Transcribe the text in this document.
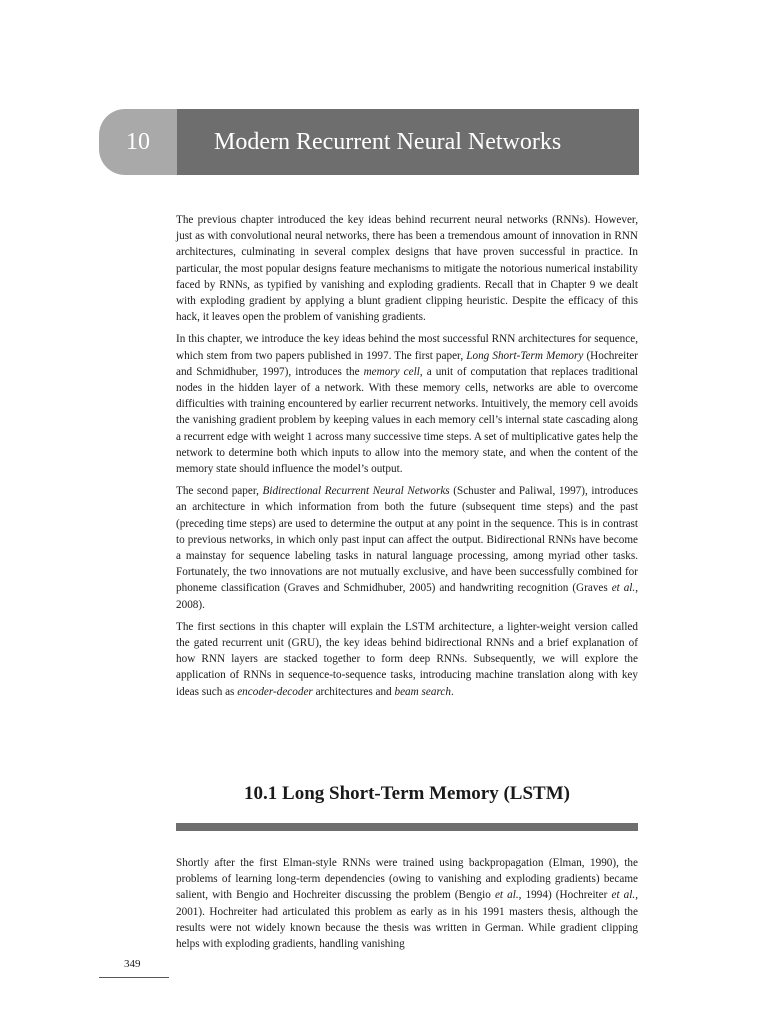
10	Modern Recurrent Neural Networks

The previous chapter introduced the key ideas behind recurrent neural networks (RNNs). However, just as with convolutional neural networks, there has been a tremendous amount of innovation in RNN architectures, culminating in several complex designs that have proven successful in practice. In particular, the most popular designs feature mechanisms to mitigate the notorious numerical instability faced by RNNs, as typified by vanishing and exploding gradients. Recall that in Chapter 9 we dealt with exploding gradient by applying a blunt gradient clipping heuristic. Despite the efficacy of this hack, it leaves open the problem of vanishing gradients.

In this chapter, we introduce the key ideas behind the most successful RNN architectures for sequence, which stem from two papers published in 1997. The first paper, Long Short-Term Memory (Hochreiter and Schmidhuber, 1997), introduces the memory cell, a unit of computation that replaces traditional nodes in the hidden layer of a network. With these memory cells, networks are able to overcome difficulties with training encountered by earlier recurrent networks. Intuitively, the memory cell avoids the vanishing gradient problem by keeping values in each memory cell’s internal state cascading along a recurrent edge with weight 1 across many successive time steps. A set of multiplicative gates help the network to determine both which inputs to allow into the memory state, and when the content of the memory state should influence the model’s output.

The second paper, Bidirectional Recurrent Neural Networks (Schuster and Paliwal, 1997), introduces an architecture in which information from both the future (subsequent time steps) and the past (preceding time steps) are used to determine the output at any point in the sequence. This is in contrast to previous networks, in which only past input can affect the output. Bidirectional RNNs have become a mainstay for sequence labeling tasks in natural language processing, among myriad other tasks. Fortunately, the two innovations are not mutually exclusive, and have been successfully combined for phoneme classification (Graves and Schmidhuber, 2005) and handwriting recognition (Graves et al., 2008).

The first sections in this chapter will explain the LSTM architecture, a lighter-weight version called the gated recurrent unit (GRU), the key ideas behind bidirectional RNNs and a brief explanation of how RNN layers are stacked together to form deep RNNs. Subsequently, we will explore the application of RNNs in sequence-to-sequence tasks, introducing machine translation along with key ideas such as encoder-decoder architectures and beam search.

10.1 Long Short-Term Memory (LSTM)

Shortly after the first Elman-style RNNs were trained using backpropagation (Elman, 1990), the problems of learning long-term dependencies (owing to vanishing and exploding gradients) became salient, with Bengio and Hochreiter discussing the problem (Bengio et al., 1994) (Hochreiter et al., 2001). Hochreiter had articulated this problem as early as in his 1991 masters thesis, although the results were not widely known because the thesis was written in German. While gradient clipping helps with exploding gradients, handling vanishing

349
